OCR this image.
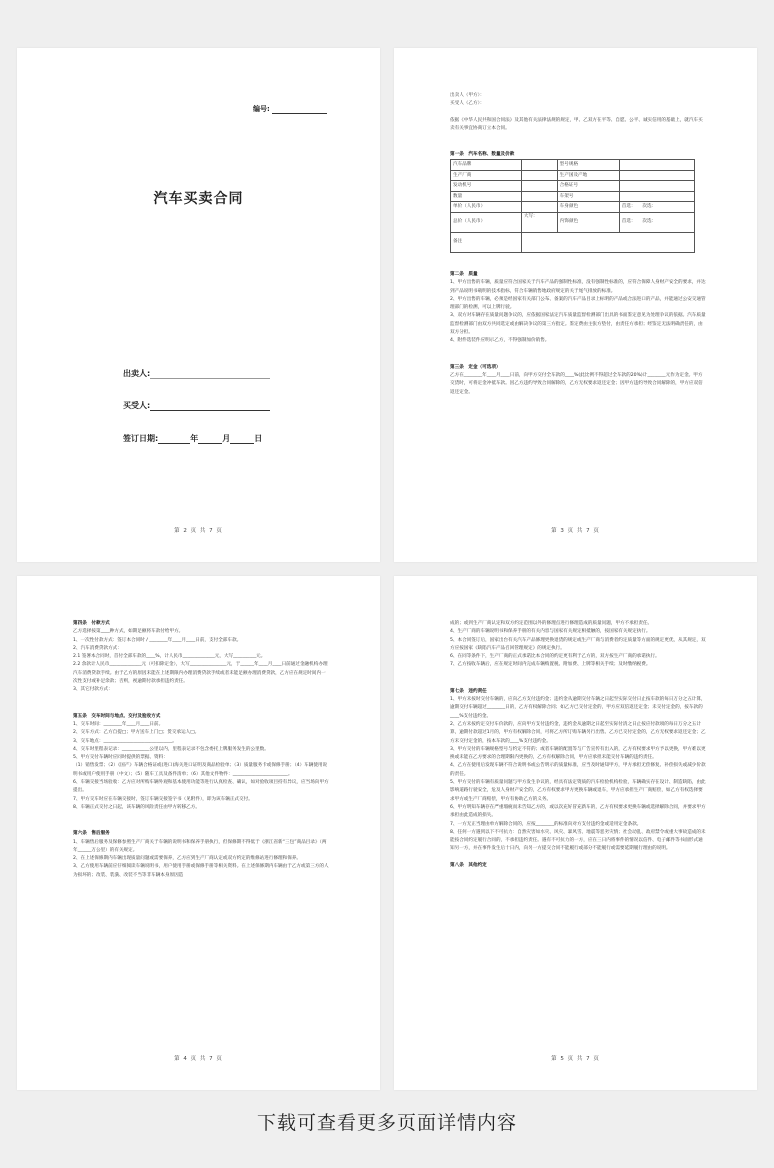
编号:
汽车买卖合同
出卖人:
买受人:
签订日期:	年	月	日
第 2 页 共 7 页

出卖人（甲方）：

买受人（乙方）：

依据《中华人民共和国合同法》及其他有关法律法规的规定，甲、乙双方在平等、自愿、公平、诚实信用的基础上，就汽车买卖有关事宜协商订立本合同。

第一条　汽车名称、数量及价款

汽车品牌		型号规格	
生产厂商		生产国及产地	
发动机号		合格证号	
数量		车架号	
单价（人民币）		车身颜色	首选：　　次选：
总价（人民币）	大写：	内饰颜色	首选：　　次选：
备注			

第二条　质量

1、甲方出售的车辆，质量应符合国家关于汽车产品的强制性标准，没有强制性标准的，应符合保障人身财产安全的要求，并达到产品说明书载明的技术指标，符合车辆销售地政府规定的关于尾气排放的标准。

2、甲方出售的车辆，必须是经国家有关部门公布、备案的汽车产品目录上标明的产品或合法进口的产品，并能通过公安交通管理部门的检测，可以上牌行驶。

3、双方对车辆存在质量问题争议的，应依据国家法定汽车质量监督检测部门出具的书面鉴定意见为处理争议的依据。汽车质量监督检测部门由双方共同选定或由解决争议的第三方指定。鉴定费由主张方垫付，由责任方承担；经鉴定无法明确责任的，由双方分担。

4、附件选装件应明示乙方，不得强制加价销售。

第三条　定金（可选项）

乙方在________年____月____日前，向甲方交付全车款的____%(此比例不得超过全车款的20%)计________元作为定金。甲方交货时，可将定金冲抵车款。因乙方违约导致合同解除的，乙方无权要求返还定金；因甲方违约导致合同解除的，甲方应双倍返还定金。

第 3 页 共 7 页

第四条　付款方式

乙方选择按第____种方式，如期足额将车款付给甲方。

1、一次性付款方式：签订本合同时 / ________年____月____日前，支付全部车款。

2、汽车消费贷款方式：

2.1 签署本合同时，首付全部车款的____%，计人民币______________元，大写__________元。

2.2 余款计人民币______________元（可扣除定金），大写________________元，于______年____月____日前通过金融机构办理汽车消费贷款手续。由于乙方的原因未能在上述期限内办理消费贷款手续或者未能足额办理消费贷款，乙方应在规定时间内一次性支付或补足余款；否则，视逾期付款承担违约责任。

3、其它付款方式：

第五条　交车时间与地点、交付及验收方式

1、交车时间：________年____月____日前。

2、交车方式：乙方自提□；甲方送车上门□；货交承运人□。

3、交车地点：______________________________。

4、交车时里程表记录：____________公里以内，里程表记录不包含委托上牌服务发生的公里数。

5、甲方交付车辆时应同时提供的票据、资料：

（1）销售发票；（2）《国产》车辆合格证或(进口)海关进口证明及商品检验单；（3）质量服务卡或保修手册；（4）车辆使用说明书或用户使用手册（中文）；（5）随车工具及备件清单；（6）其他文件物件：________________________。

6、车辆交接当场验收：乙方应对所购车辆外观和基本使用功能等进行认真检查、确认，如对验收项目持有异议，应当场向甲方提出。

7、甲方交车时应在车辆交接时，签订车辆交接签字书（见附件），即为该车辆正式交付。

8、车辆正式交付之日起，该车辆的风险责任由甲方转移乙方。

第六条　售后服务

1、车辆售后服务及保修参照生产厂商关于车辆的说明书和保养手册执行，但保修期不得低于《浙江省新“三包”商品目录》（两年______万公里）的有关规定。

2、在上述保修期内车辆出现质量问题或需要保养，乙方应到生产厂商认定或双方约定的维修站进行修理和保养。

3、乙方使用车辆前应仔细阅读车辆说明书，用户使用手册或保修手册等相关资料。在上述保修期内车辆由于乙方或第三方的人为损坏的；改装、装潢、改装不当等非车辆本身原因造

第 4 页 共 7 页

成的；或到生产厂商认定和双方约定范围以外的修理点进行修理造成的质量问题，甲方不承担责任。

4、生产厂商的车辆说明书和保养手册的有关内容与国家有关规定相抵触的，按国家有关规定执行。

5、本合同签订后，国家出台有关汽车产品修理更换退货的规定或生产厂商与消费者约定质量等方面的规定更优，从其规定，双方应按国家《缺陷汽车产品召回管理规定》的规定执行。

6、在同等条件下，生产厂商的正式承诺比本合同的约定更有利于乙方的，双方按生产厂商的承诺执行。

7、乙方按收车辆后，应在规定时间内完成车辆购置税、附加费、上牌等相关手续；及时缴纳税费。

第七条　违约责任

1、甲方未按时交付车辆的，应向乙方支付违约金；违约金从逾期交付车辆之日起至实际交付日止按车款的每日万分之五计算，逾期交付车辆超过________日的，乙方有权解除合同；如乙方已交付定金的，甲方应双倍返还定金；未交付定金的，按车款的____%支付违约金。

2、乙方未按约定交付车价款的，应向甲方支付违约金，违约金从逾期之日起至实际付清之日止按应付款项的每日万分之五计算，逾期付款超过1月的，甲方有权解除合同，可将乙方所订购车辆另行出售。乙方已交付定金的，乙方无权要求返还定金；乙方未交付定金的，按本车款的____%支付违约金。

3、甲方交付的车辆规格型号与约定不符的；或者车辆的配置等与广告宣传有出入的，乙方有权要求甲方予以更换，甲方难以更换或未能在乙方要求的合理期限内更换的，乙方有权解除合同，甲方应承担未能交付车辆的违约责任。

4、乙方在使用后发现车辆不符合说明书或公告明示的质量标准，应当及时通知甲方，甲方承担无偿修复、补偿损失或减少价款的责任。

5、甲方交付的车辆有质量问题与甲方发生争议的，经具有法定资质的汽车检验机构检验，车辆确实存在设计、制造缺陷，由此影响道路行驶安全，危及人身财产安全的，乙方有权要求甲方更换车辆或退车，甲方应承担生产厂商赔偿，如乙方有权选择要求甲方或生产厂商赔偿，甲方有协助乙方的义务。

6、甲方明知车辆存在严重瑕疵而未告知乙方的，或以次充好冒充新车的，乙方有权要求更换车辆或选择解除合同，并要求甲方承担由此造成的损失。

7、一方无正当理由单方解除合同的，应按________的标准向对方支付违约金或适用定金条款。

8、任何一方遇到以下不可抗力：自然灾害如水灾、风灾、暴风雪、地震等恶劣灾情；社会动乱、政府禁令或重大事故造成的未能按合同约定履行合同的，不承担违约责任。遇有不可抗力的一方，应在三日内将事件的情况以信件、电子邮件等书面形式通知另一方，并在事件发生后十日内，向另一方提交合同不能履行或部分不能履行或需要延期履行理由的说明。

第八条　其他约定

第 5 页 共 7 页
下载可查看更多页面详情内容
